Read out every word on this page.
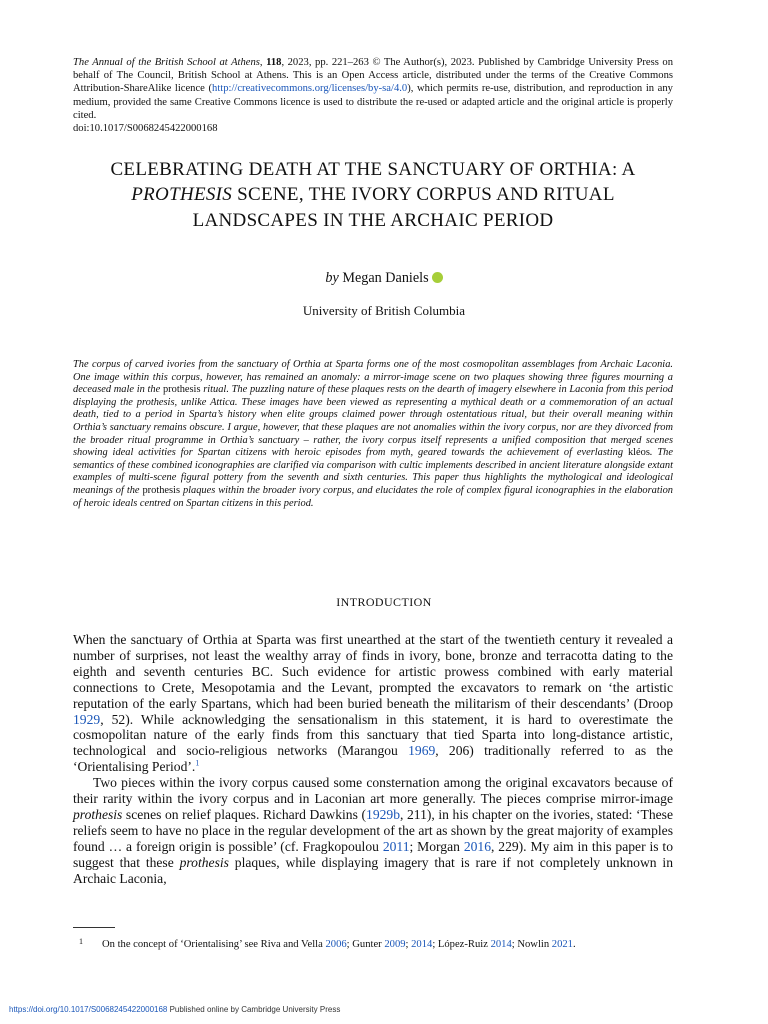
The Annual of the British School at Athens, 118, 2023, pp. 221–263 © The Author(s), 2023. Published by Cambridge University Press on behalf of The Council, British School at Athens. This is an Open Access article, distributed under the terms of the Creative Commons Attribution-ShareAlike licence (http://creativecommons.org/licenses/by-sa/4.0), which permits re-use, distribution, and reproduction in any medium, provided the same Creative Commons licence is used to distribute the re-used or adapted article and the original article is properly cited.
doi:10.1017/S0068245422000168
CELEBRATING DEATH AT THE SANCTUARY OF ORTHIA: A PROTHESIS SCENE, THE IVORY CORPUS AND RITUAL LANDSCAPES IN THE ARCHAIC PERIOD
by Megan Daniels
University of British Columbia
The corpus of carved ivories from the sanctuary of Orthia at Sparta forms one of the most cosmopolitan assemblages from Archaic Laconia. One image within this corpus, however, has remained an anomaly: a mirror-image scene on two plaques showing three figures mourning a deceased male in the prothesis ritual. The puzzling nature of these plaques rests on the dearth of imagery elsewhere in Laconia from this period displaying the prothesis, unlike Attica. These images have been viewed as representing a mythical death or a commemoration of an actual death, tied to a period in Sparta’s history when elite groups claimed power through ostentatious ritual, but their overall meaning within Orthia’s sanctuary remains obscure. I argue, however, that these plaques are not anomalies within the ivory corpus, nor are they divorced from the broader ritual programme in Orthia’s sanctuary – rather, the ivory corpus itself represents a unified composition that merged scenes showing ideal activities for Spartan citizens with heroic episodes from myth, geared towards the achievement of everlasting kléos. The semantics of these combined iconographies are clarified via comparison with cultic implements described in ancient literature alongside extant examples of multi-scene figural pottery from the seventh and sixth centuries. This paper thus highlights the mythological and ideological meanings of the prothesis plaques within the broader ivory corpus, and elucidates the role of complex figural iconographies in the elaboration of heroic ideals centred on Spartan citizens in this period.
INTRODUCTION

When the sanctuary of Orthia at Sparta was first unearthed at the start of the twentieth century it revealed a number of surprises, not least the wealthy array of finds in ivory, bone, bronze and terracotta dating to the eighth and seventh centuries BC. Such evidence for artistic prowess combined with early material connections to Crete, Mesopotamia and the Levant, prompted the excavators to remark on ‘the artistic reputation of the early Spartans, which had been buried beneath the militarism of their descendants’ (Droop 1929, 52). While acknowledging the sensationalism in this statement, it is hard to overestimate the cosmopolitan nature of the early finds from this sanctuary that tied Sparta into long-distance artistic, technological and socio-religious networks (Marangou 1969, 206) traditionally referred to as the ‘Orientalising Period’.$^1$

Two pieces within the ivory corpus caused some consternation among the original excavators because of their rarity within the ivory corpus and in Laconian art more generally. The pieces comprise mirror-image prothesis scenes on relief plaques. Richard Dawkins (1929b, 211), in his chapter on the ivories, stated: ‘These reliefs seem to have no place in the regular development of the art as shown by the great majority of examples found … a foreign origin is possible’ (cf. Fragkopoulou 2011; Morgan 2016, 229). My aim in this paper is to suggest that these prothesis plaques, while displaying imagery that is rare if not completely unknown in Archaic Laconia,

1 On the concept of ‘Orientalising’ see Riva and Vella 2006; Gunter 2009; 2014; López-Ruiz 2014; Nowlin 2021.
https://doi.org/10.1017/S0068245422000168 Published online by Cambridge University Press
